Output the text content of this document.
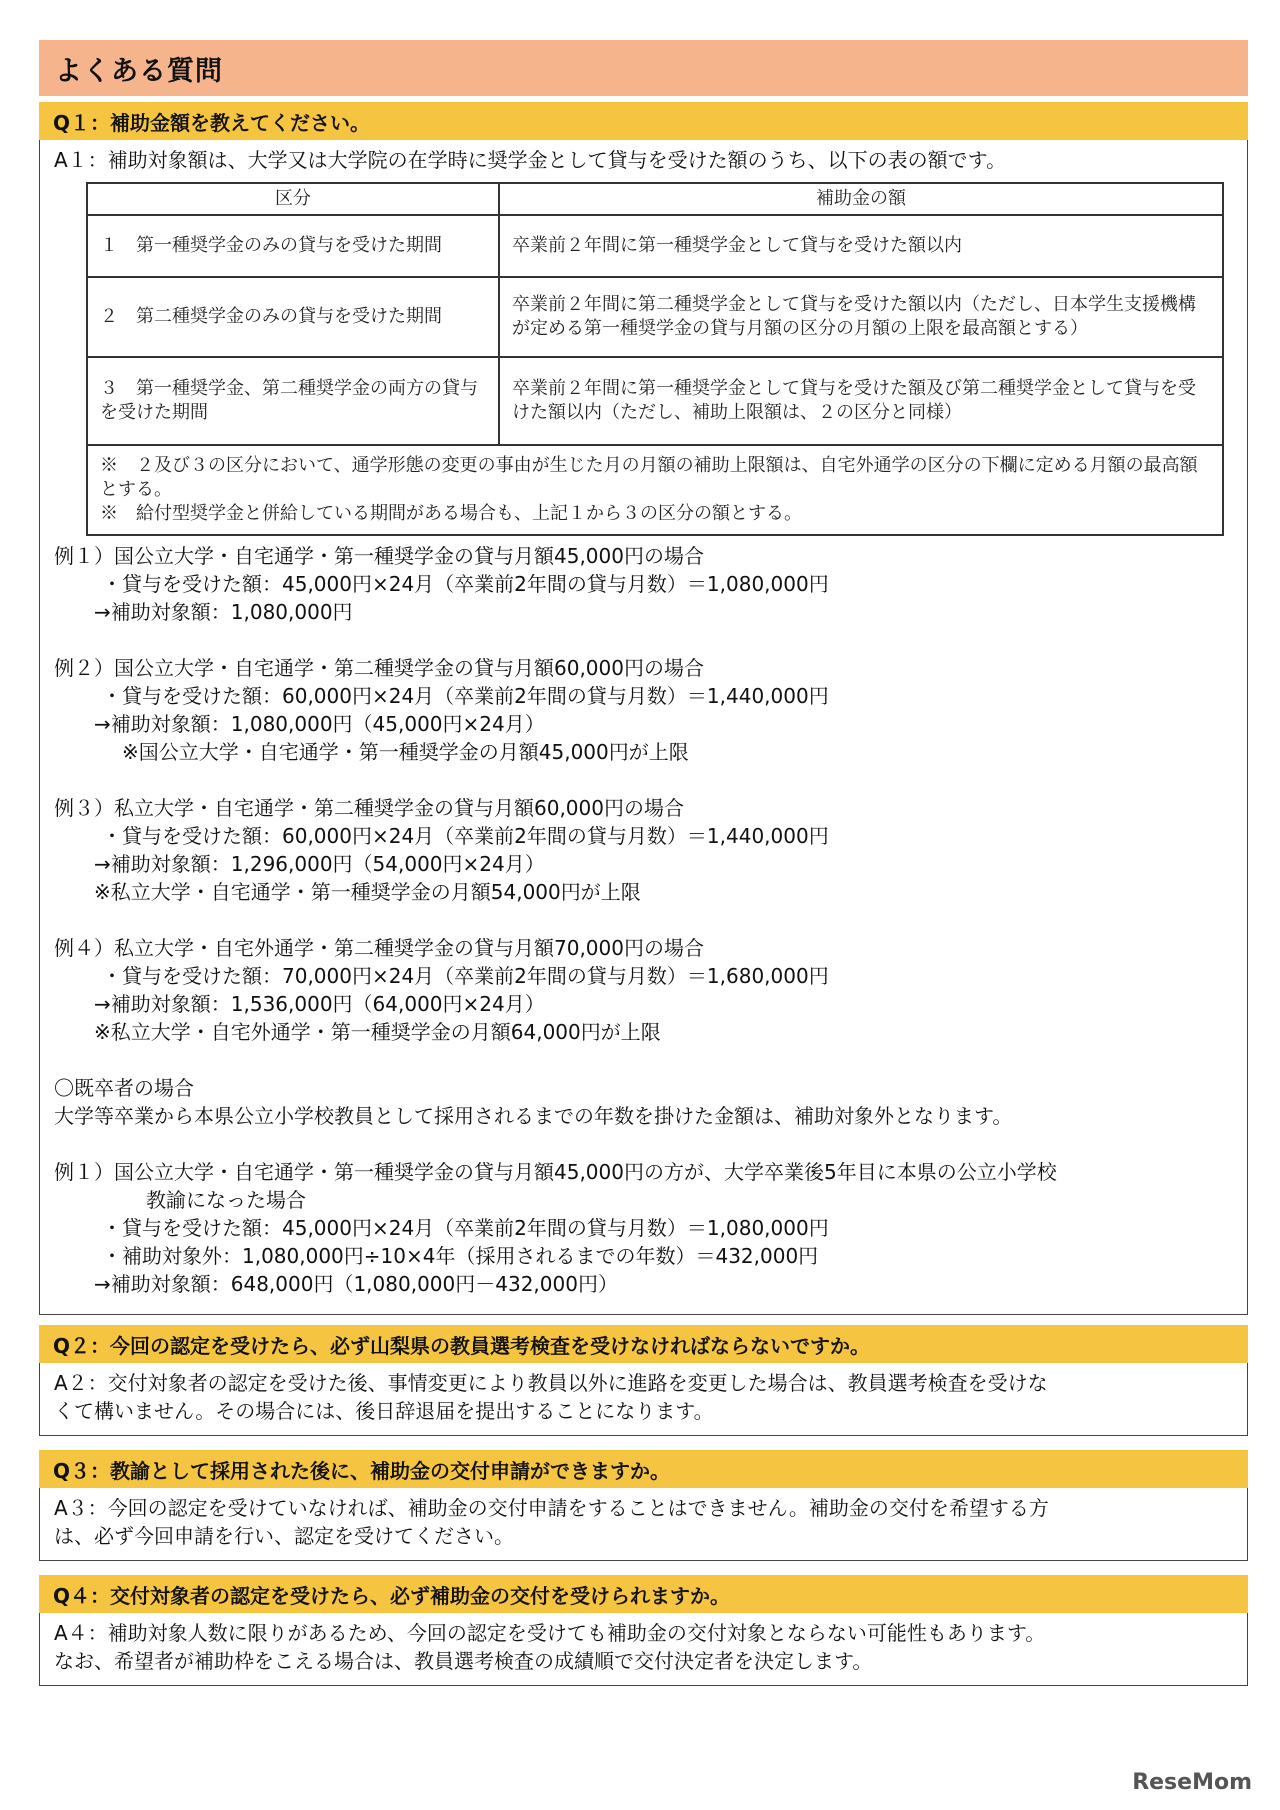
よくある質問
Q１：補助金額を教えてください。
A１：補助対象額は、大学又は大学院の在学時に奨学金として貸与を受けた額のうち、以下の表の額です。
区分	補助金の額
１　第一種奨学金のみの貸与を受けた期間	卒業前２年間に第一種奨学金として貸与を受けた額以内
２　第二種奨学金のみの貸与を受けた期間	卒業前２年間に第二種奨学金として貸与を受けた額以内（ただし、日本学生支援機構が定める第一種奨学金の貸与月額の区分の月額の上限を最高額とする）
３　第一種奨学金、第二種奨学金の両方の貸与を受けた期間	卒業前２年間に第一種奨学金として貸与を受けた額及び第二種奨学金として貸与を受けた額以内（ただし、補助上限額は、２の区分と同様）

※　２及び３の区分において、通学形態の変更の事由が生じた月の月額の補助上限額は、自宅外通学の区分の下欄に定める月額の最高額とする。
※　給付型奨学金と併給している期間がある場合も、上記１から３の区分の額とする。	
例１）国公立大学・自宅通学・第一種奨学金の貸与月額45,000円の場合
・貸与を受けた額：45,000円×24月（卒業前2年間の貸与月数）＝1,080,000円
→補助対象額：1,080,000円
例２）国公立大学・自宅通学・第二種奨学金の貸与月額60,000円の場合
・貸与を受けた額：60,000円×24月（卒業前2年間の貸与月数）＝1,440,000円
→補助対象額：1,080,000円（45,000円×24月）
※国公立大学・自宅通学・第一種奨学金の月額45,000円が上限
例３）私立大学・自宅通学・第二種奨学金の貸与月額60,000円の場合
・貸与を受けた額：60,000円×24月（卒業前2年間の貸与月数）＝1,440,000円
→補助対象額：1,296,000円（54,000円×24月）
※私立大学・自宅通学・第一種奨学金の月額54,000円が上限
例４）私立大学・自宅外通学・第二種奨学金の貸与月額70,000円の場合
・貸与を受けた額：70,000円×24月（卒業前2年間の貸与月数）＝1,680,000円
→補助対象額：1,536,000円（64,000円×24月）
※私立大学・自宅外通学・第一種奨学金の月額64,000円が上限
〇既卒者の場合
大学等卒業から本県公立小学校教員として採用されるまでの年数を掛けた金額は、補助対象外となります。
例１）国公立大学・自宅通学・第一種奨学金の貸与月額45,000円の方が、大学卒業後5年目に本県の公立小学校
教諭になった場合
・貸与を受けた額：45,000円×24月（卒業前2年間の貸与月数）＝1,080,000円
・補助対象外：1,080,000円÷10×4年（採用されるまでの年数）＝432,000円
→補助対象額：648,000円（1,080,000円－432,000円）
Q２：今回の認定を受けたら、必ず山梨県の教員選考検査を受けなければならないですか。
A２：交付対象者の認定を受けた後、事情変更により教員以外に進路を変更した場合は、教員選考検査を受けな
くて構いません。その場合には、後日辞退届を提出することになります。
Q３：教諭として採用された後に、補助金の交付申請ができますか。
A３：今回の認定を受けていなければ、補助金の交付申請をすることはできません。補助金の交付を希望する方
は、必ず今回申請を行い、認定を受けてください。
Q４：交付対象者の認定を受けたら、必ず補助金の交付を受けられますか。
A４：補助対象人数に限りがあるため、今回の認定を受けても補助金の交付対象とならない可能性もあります。
なお、希望者が補助枠をこえる場合は、教員選考検査の成績順で交付決定者を決定します。
ReseMom
